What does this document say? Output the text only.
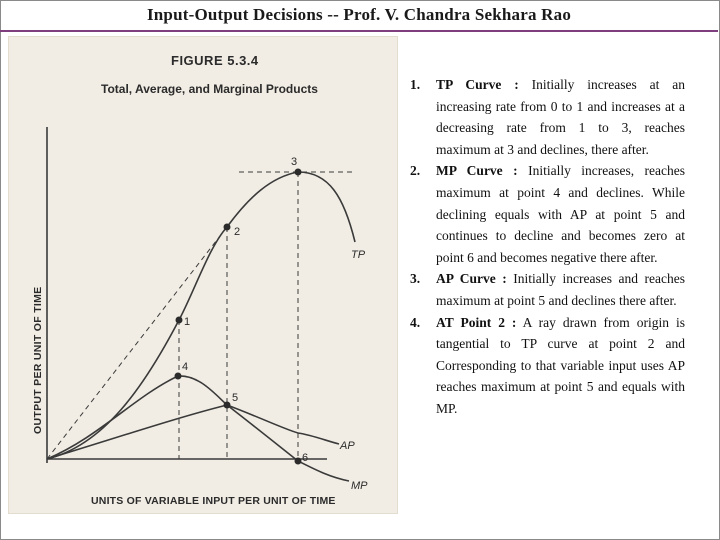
Input-Output Decisions -- Prof. V. Chandra Sekhara Rao
FIGURE 5.3.4
Total, Average, and Marginal Products
OUTPUT PER UNIT OF TIME
UNITS OF VARIABLE INPUT PER UNIT OF TIME
1
2
3
4
5
6
TP
AP
MP
1. TP Curve : Initially increases at an increasing rate from 0 to 1 and increases at a decreasing rate from 1 to 3, reaches maximum at 3 and declines, there after.
2. MP Curve : Initially increases, reaches maximum at point 4 and declines. While declining equals with AP at point 5 and continues to decline and becomes zero at point 6 and becomes negative there after.
3. AP Curve : Initially increases and reaches maximum at point 5 and declines there after.
4. AT Point 2 : A ray drawn from origin is tangential to TP curve at point 2 and Corresponding to that variable input uses AP reaches maximum at point 5 and equals with MP.
